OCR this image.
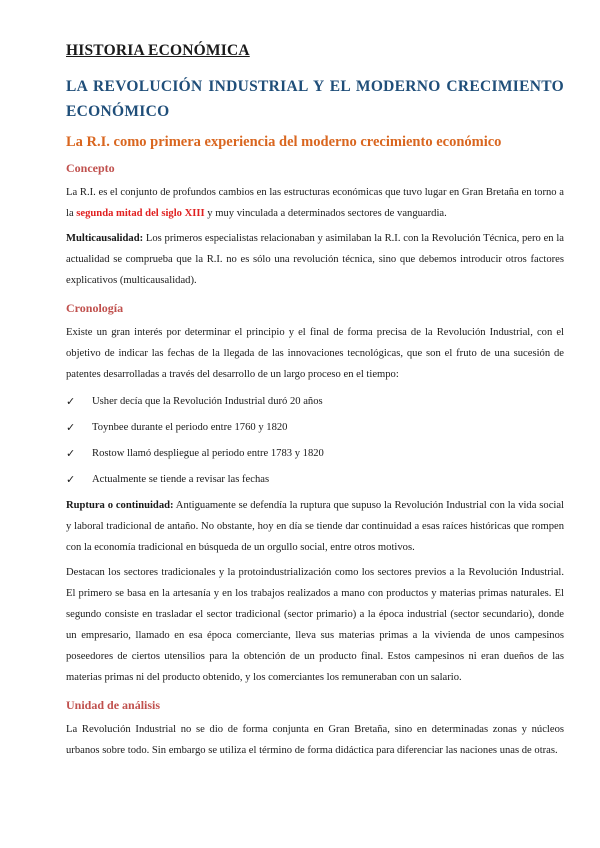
HISTORIA ECONÓMICA
LA REVOLUCIÓN INDUSTRIAL Y EL MODERNO CRECIMIENTO
ECONÓMICO
La R.I. como primera experiencia del moderno crecimiento económico
Concepto

La R.I. es el conjunto de profundos cambios en las estructuras económicas que tuvo lugar en Gran Bretaña en torno a la segunda mitad del siglo XIII y muy vinculada a determinados sectores de vanguardia.

Multicausalidad: Los primeros especialistas relacionaban y asimilaban la R.I. con la Revolución Técnica, pero en la actualidad se comprueba que la R.I. no es sólo una revolución técnica, sino que debemos introducir otros factores explicativos (multicausalidad).

Cronología

Existe un gran interés por determinar el principio y el final de forma precisa de la Revolución Industrial, con el objetivo de indicar las fechas de la llegada de las innovaciones tecnológicas, que son el fruto de una sucesión de patentes desarrolladas a través del desarrollo de un largo proceso en el tiempo:

✓	Usher decía que la Revolución Industrial duró 20 años
✓	Toynbee durante el periodo entre 1760 y 1820
✓	Rostow llamó despliegue al periodo entre 1783 y 1820
✓	Actualmente se tiende a revisar las fechas

Ruptura o continuidad: Antiguamente se defendía la ruptura que supuso la Revolución Industrial con la vida social y laboral tradicional de antaño. No obstante, hoy en día se tiende dar continuidad a esas raíces históricas que rompen con la economía tradicional en búsqueda de un orgullo social, entre otros motivos.

Destacan los sectores tradicionales y la protoindustrialización como los sectores previos a la Revolución Industrial. El primero se basa en la artesanía y en los trabajos realizados a mano con productos y materias primas naturales. El segundo consiste en trasladar el sector tradicional (sector primario) a la época industrial (sector secundario), donde un empresario, llamado en esa época comerciante, lleva sus materias primas a la vivienda de unos campesinos poseedores de ciertos utensilios para la obtención de un producto final. Estos campesinos ni eran dueños de las materias primas ni del producto obtenido, y los comerciantes los remuneraban con un salario.

Unidad de análisis

La Revolución Industrial no se dio de forma conjunta en Gran Bretaña, sino en determinadas zonas y núcleos urbanos sobre todo. Sin embargo se utiliza el término de forma didáctica para diferenciar las naciones unas de otras.
